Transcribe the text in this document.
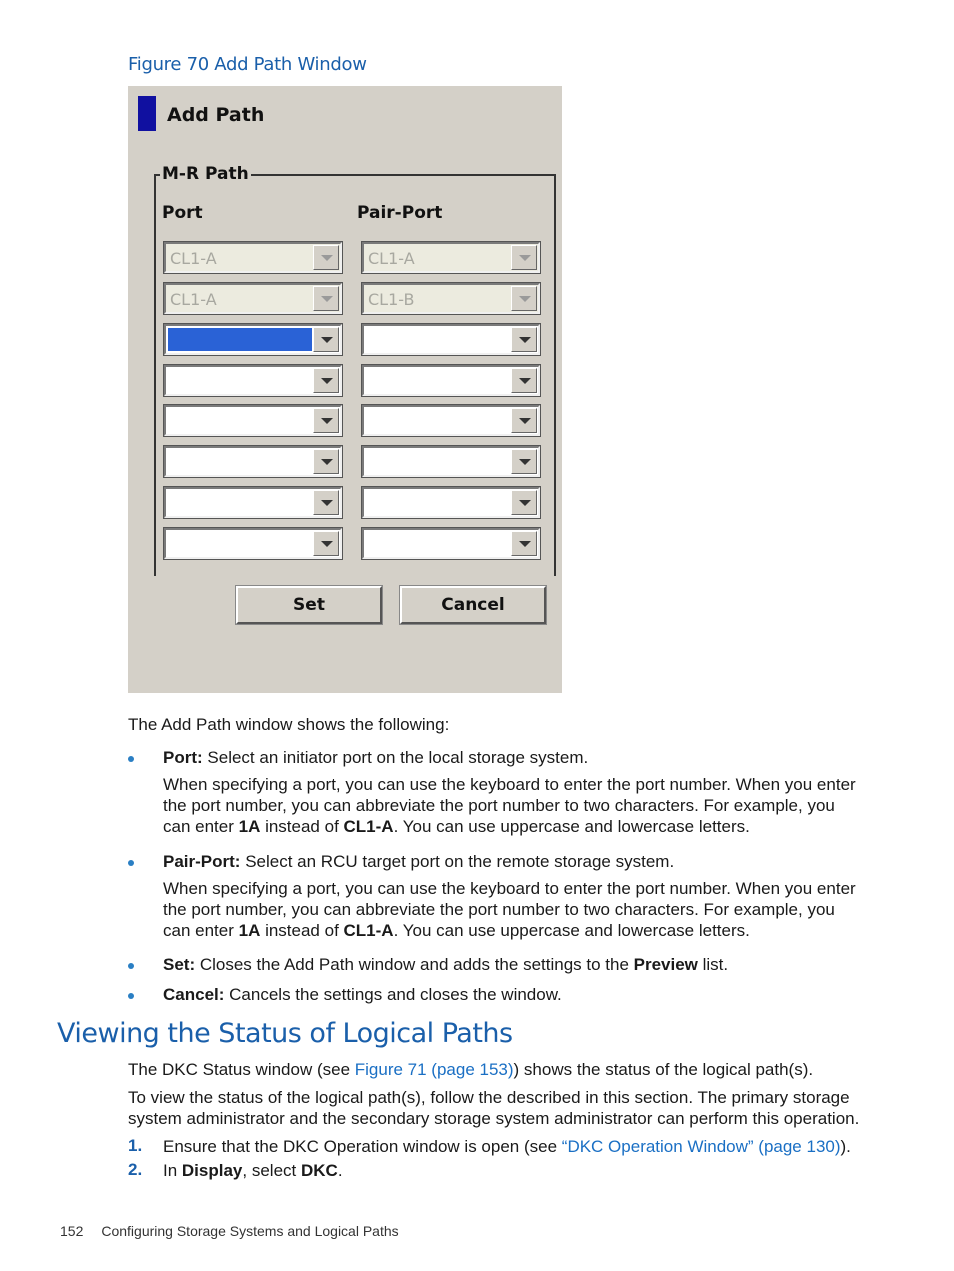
Figure 70 Add Path Window
Add Path
M-R Path
Port	Pair-Port
CL1-A	CL1-A
CL1-A	CL1-B
Set	Cancel
The Add Path window shows the following:
Port: Select an initiator port on the local storage system.
When specifying a port, you can use the keyboard to enter the port number. When you enter
the port number, you can abbreviate the port number to two characters. For example, you
can enter 1A instead of CL1-A. You can use uppercase and lowercase letters.
Pair-Port: Select an RCU target port on the remote storage system.
When specifying a port, you can use the keyboard to enter the port number. When you enter
the port number, you can abbreviate the port number to two characters. For example, you
can enter 1A instead of CL1-A. You can use uppercase and lowercase letters.
Set: Closes the Add Path window and adds the settings to the Preview list.
Cancel: Cancels the settings and closes the window.
Viewing the Status of Logical Paths
The DKC Status window (see Figure 71 (page 153)) shows the status of the logical path(s).
To view the status of the logical path(s), follow the described in this section. The primary storage
system administrator and the secondary storage system administrator can perform this operation.
1. Ensure that the DKC Operation window is open (see “DKC Operation Window” (page 130)).
2. In Display, select DKC.
152 Configuring Storage Systems and Logical Paths
